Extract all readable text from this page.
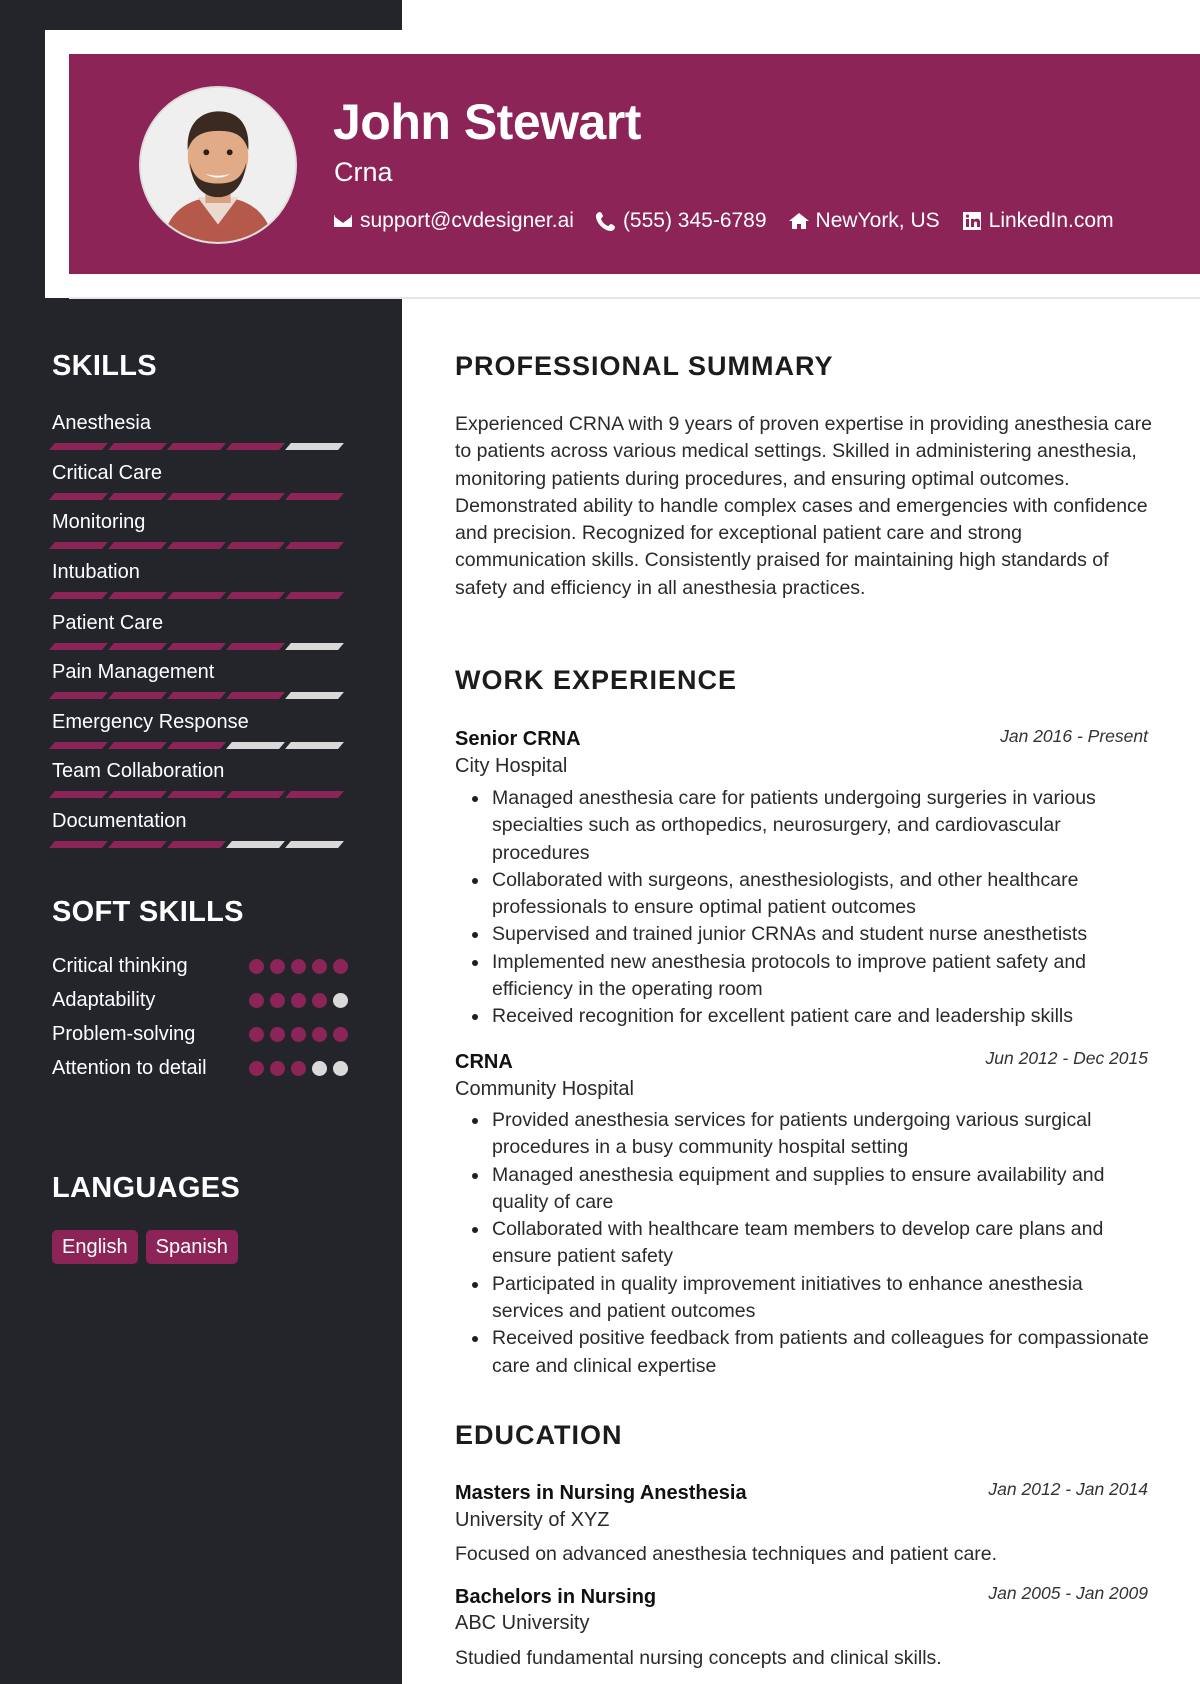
John Stewart
Crna
support@cvdesigner.ai (555) 345-6789 NewYork, US LinkedIn.com
SKILLS
Anesthesia
Critical Care
Monitoring
Intubation
Patient Care
Pain Management
Emergency Response
Team Collaboration
Documentation
SOFT SKILLS
Critical thinking
Adaptability
Problem-solving
Attention to detail
LANGUAGES
English	Spanish
PROFESSIONAL SUMMARY

Experienced CRNA with 9 years of proven expertise in providing anesthesia care to patients across various medical settings. Skilled in administering anesthesia, monitoring patients during procedures, and ensuring optimal outcomes. Demonstrated ability to handle complex cases and emergencies with confidence and precision. Recognized for exceptional patient care and strong communication skills. Consistently praised for maintaining high standards of safety and efficiency in all anesthesia practices.

WORK EXPERIENCE
Senior CRNA	Jan 2016 - Present
City Hospital
Managed anesthesia care for patients undergoing surgeries in various specialties such as orthopedics, neurosurgery, and cardiovascular procedures
Collaborated with surgeons, anesthesiologists, and other healthcare professionals to ensure optimal patient outcomes
Supervised and trained junior CRNAs and student nurse anesthetists
Implemented new anesthesia protocols to improve patient safety and efficiency in the operating room
Received recognition for excellent patient care and leadership skills
CRNA	Jun 2012 - Dec 2015
Community Hospital
Provided anesthesia services for patients undergoing various surgical procedures in a busy community hospital setting
Managed anesthesia equipment and supplies to ensure availability and quality of care
Collaborated with healthcare team members to develop care plans and ensure patient safety
Participated in quality improvement initiatives to enhance anesthesia services and patient outcomes
Received positive feedback from patients and colleagues for compassionate care and clinical expertise
EDUCATION
Masters in Nursing Anesthesia	Jan 2012 - Jan 2014
University of XYZ
Focused on advanced anesthesia techniques and patient care.
Bachelors in Nursing	Jan 2005 - Jan 2009
ABC University
Studied fundamental nursing concepts and clinical skills.
